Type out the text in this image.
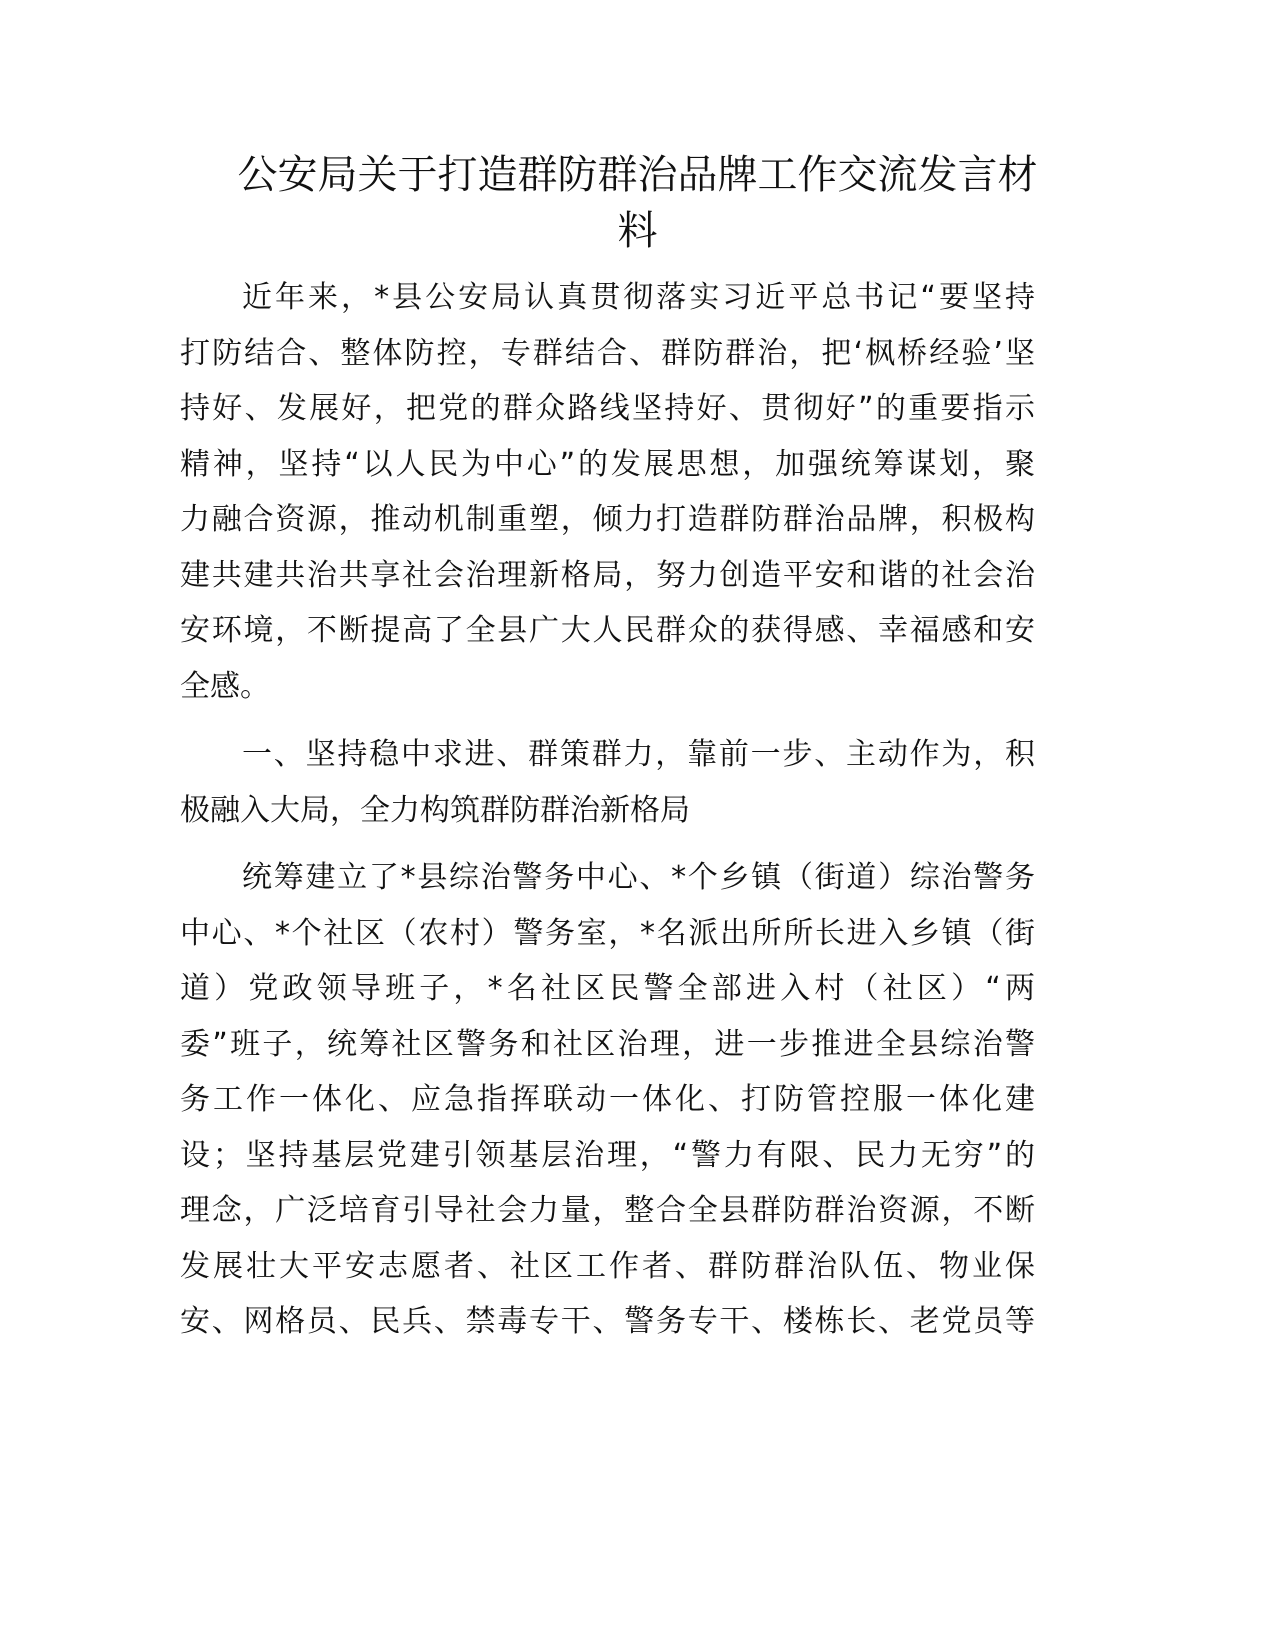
公安局关于打造群防群治品牌工作交流发言材
料
近年来，*县公安局认真贯彻落实习近平总书记“要坚持
打防结合、整体防控，专群结合、群防群治，把‘枫桥经验’坚
持好、发展好，把党的群众路线坚持好、贯彻好”的重要指示
精神，坚持“以人民为中心”的发展思想，加强统筹谋划，聚
力融合资源，推动机制重塑，倾力打造群防群治品牌，积极构
建共建共治共享社会治理新格局，努力创造平安和谐的社会治
安环境，不断提高了全县广大人民群众的获得感、幸福感和安
全感。
一、坚持稳中求进、群策群力，靠前一步、主动作为，积
极融入大局，全力构筑群防群治新格局
统筹建立了*县综治警务中心、*个乡镇（街道）综治警务
中心、*个社区（农村）警务室，*名派出所所长进入乡镇（街
道）党政领导班子，*名社区民警全部进入村（社区）“两
委”班子，统筹社区警务和社区治理，进一步推进全县综治警
务工作一体化、应急指挥联动一体化、打防管控服一体化建
设；坚持基层党建引领基层治理，“警力有限、民力无穷”的
理念，广泛培育引导社会力量，整合全县群防群治资源，不断
发展壮大平安志愿者、社区工作者、群防群治队伍、物业保
安、网格员、民兵、禁毒专干、警务专干、楼栋长、老党员等
